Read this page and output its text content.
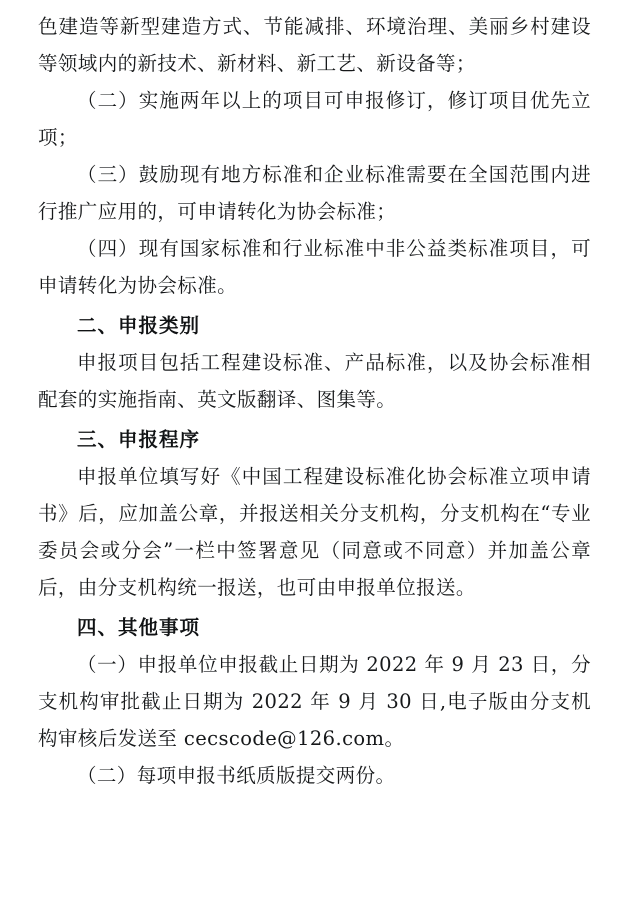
色建造等新型建造方式、节能减排、环境治理、美丽乡村建设等领域内的新技术、新材料、新工艺、新设备等；

（二）实施两年以上的项目可申报修订，修订项目优先立项；

（三）鼓励现有地方标准和企业标准需要在全国范围内进行推广应用的，可申请转化为协会标准；

（四）现有国家标准和行业标准中非公益类标准项目，可申请转化为协会标准。

二、申报类别

申报项目包括工程建设标准、产品标准，以及协会标准相配套的实施指南、英文版翻译、图集等。

三、申报程序

申报单位填写好《中国工程建设标准化协会标准立项申请书》后，应加盖公章，并报送相关分支机构，分支机构在“专业委员会或分会”一栏中签署意见（同意或不同意）并加盖公章后，由分支机构统一报送，也可由申报单位报送。

四、其他事项

（一）申报单位申报截止日期为 2022 年 9 月 23 日，分支机构审批截止日期为 2022 年 9 月 30 日,电子版由分支机构审核后发送至 cecscode@126.com。

（二）每项申报书纸质版提交两份。
